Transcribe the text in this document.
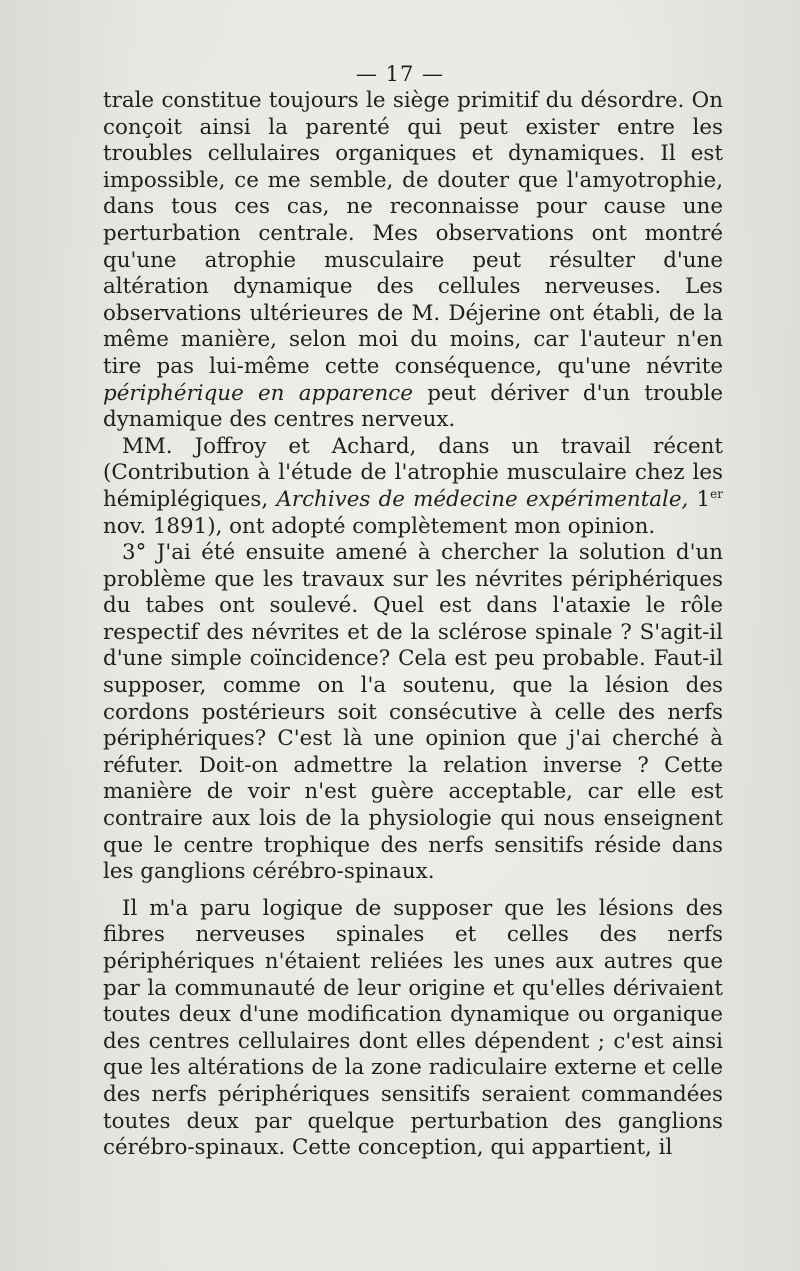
— 17 —

trale constitue toujours le siège primitif du désordre. On conçoit ainsi la parenté qui peut exister entre les troubles cellulaires organiques et dynamiques. Il est impossible, ce me semble, de douter que l'amyotrophie, dans tous ces cas, ne reconnaisse pour cause une perturbation centrale. Mes observations ont montré qu'une atrophie musculaire peut résulter d'une altération dynamique des cellules nerveuses. Les observations ultérieures de M. Déjerine ont établi, de la même manière, selon moi du moins, car l'auteur n'en tire pas lui-même cette conséquence, qu'une névrite périphérique en apparence peut dériver d'un trouble dynamique des centres nerveux.

MM. Joffroy et Achard, dans un travail récent (Contribution à l'étude de l'atrophie musculaire chez les hémiplégiques, Archives de médecine expérimentale, 1er nov. 1891), ont adopté complètement mon opinion.

3° J'ai été ensuite amené à chercher la solution d'un problème que les travaux sur les névrites périphériques du tabes ont soulevé. Quel est dans l'ataxie le rôle respectif des névrites et de la sclérose spinale ? S'agit-il d'une simple coïncidence? Cela est peu probable. Faut-il supposer, comme on l'a soutenu, que la lésion des cordons postérieurs soit consécutive à celle des nerfs périphériques? C'est là une opinion que j'ai cherché à réfuter. Doit-on admettre la relation inverse ? Cette manière de voir n'est guère acceptable, car elle est contraire aux lois de la physiologie qui nous enseignent que le centre trophique des nerfs sensitifs réside dans les ganglions cérébro-spinaux.

Il m'a paru logique de supposer que les lésions des fibres nerveuses spinales et celles des nerfs périphériques n'étaient reliées les unes aux autres que par la communauté de leur origine et qu'elles dérivaient toutes deux d'une modification dynamique ou organique des centres cellulaires dont elles dépendent ; c'est ainsi que les altérations de la zone radiculaire externe et celle des nerfs périphériques sensitifs seraient commandées toutes deux par quelque perturbation des ganglions cérébro-spinaux. Cette conception, qui appartient, il
